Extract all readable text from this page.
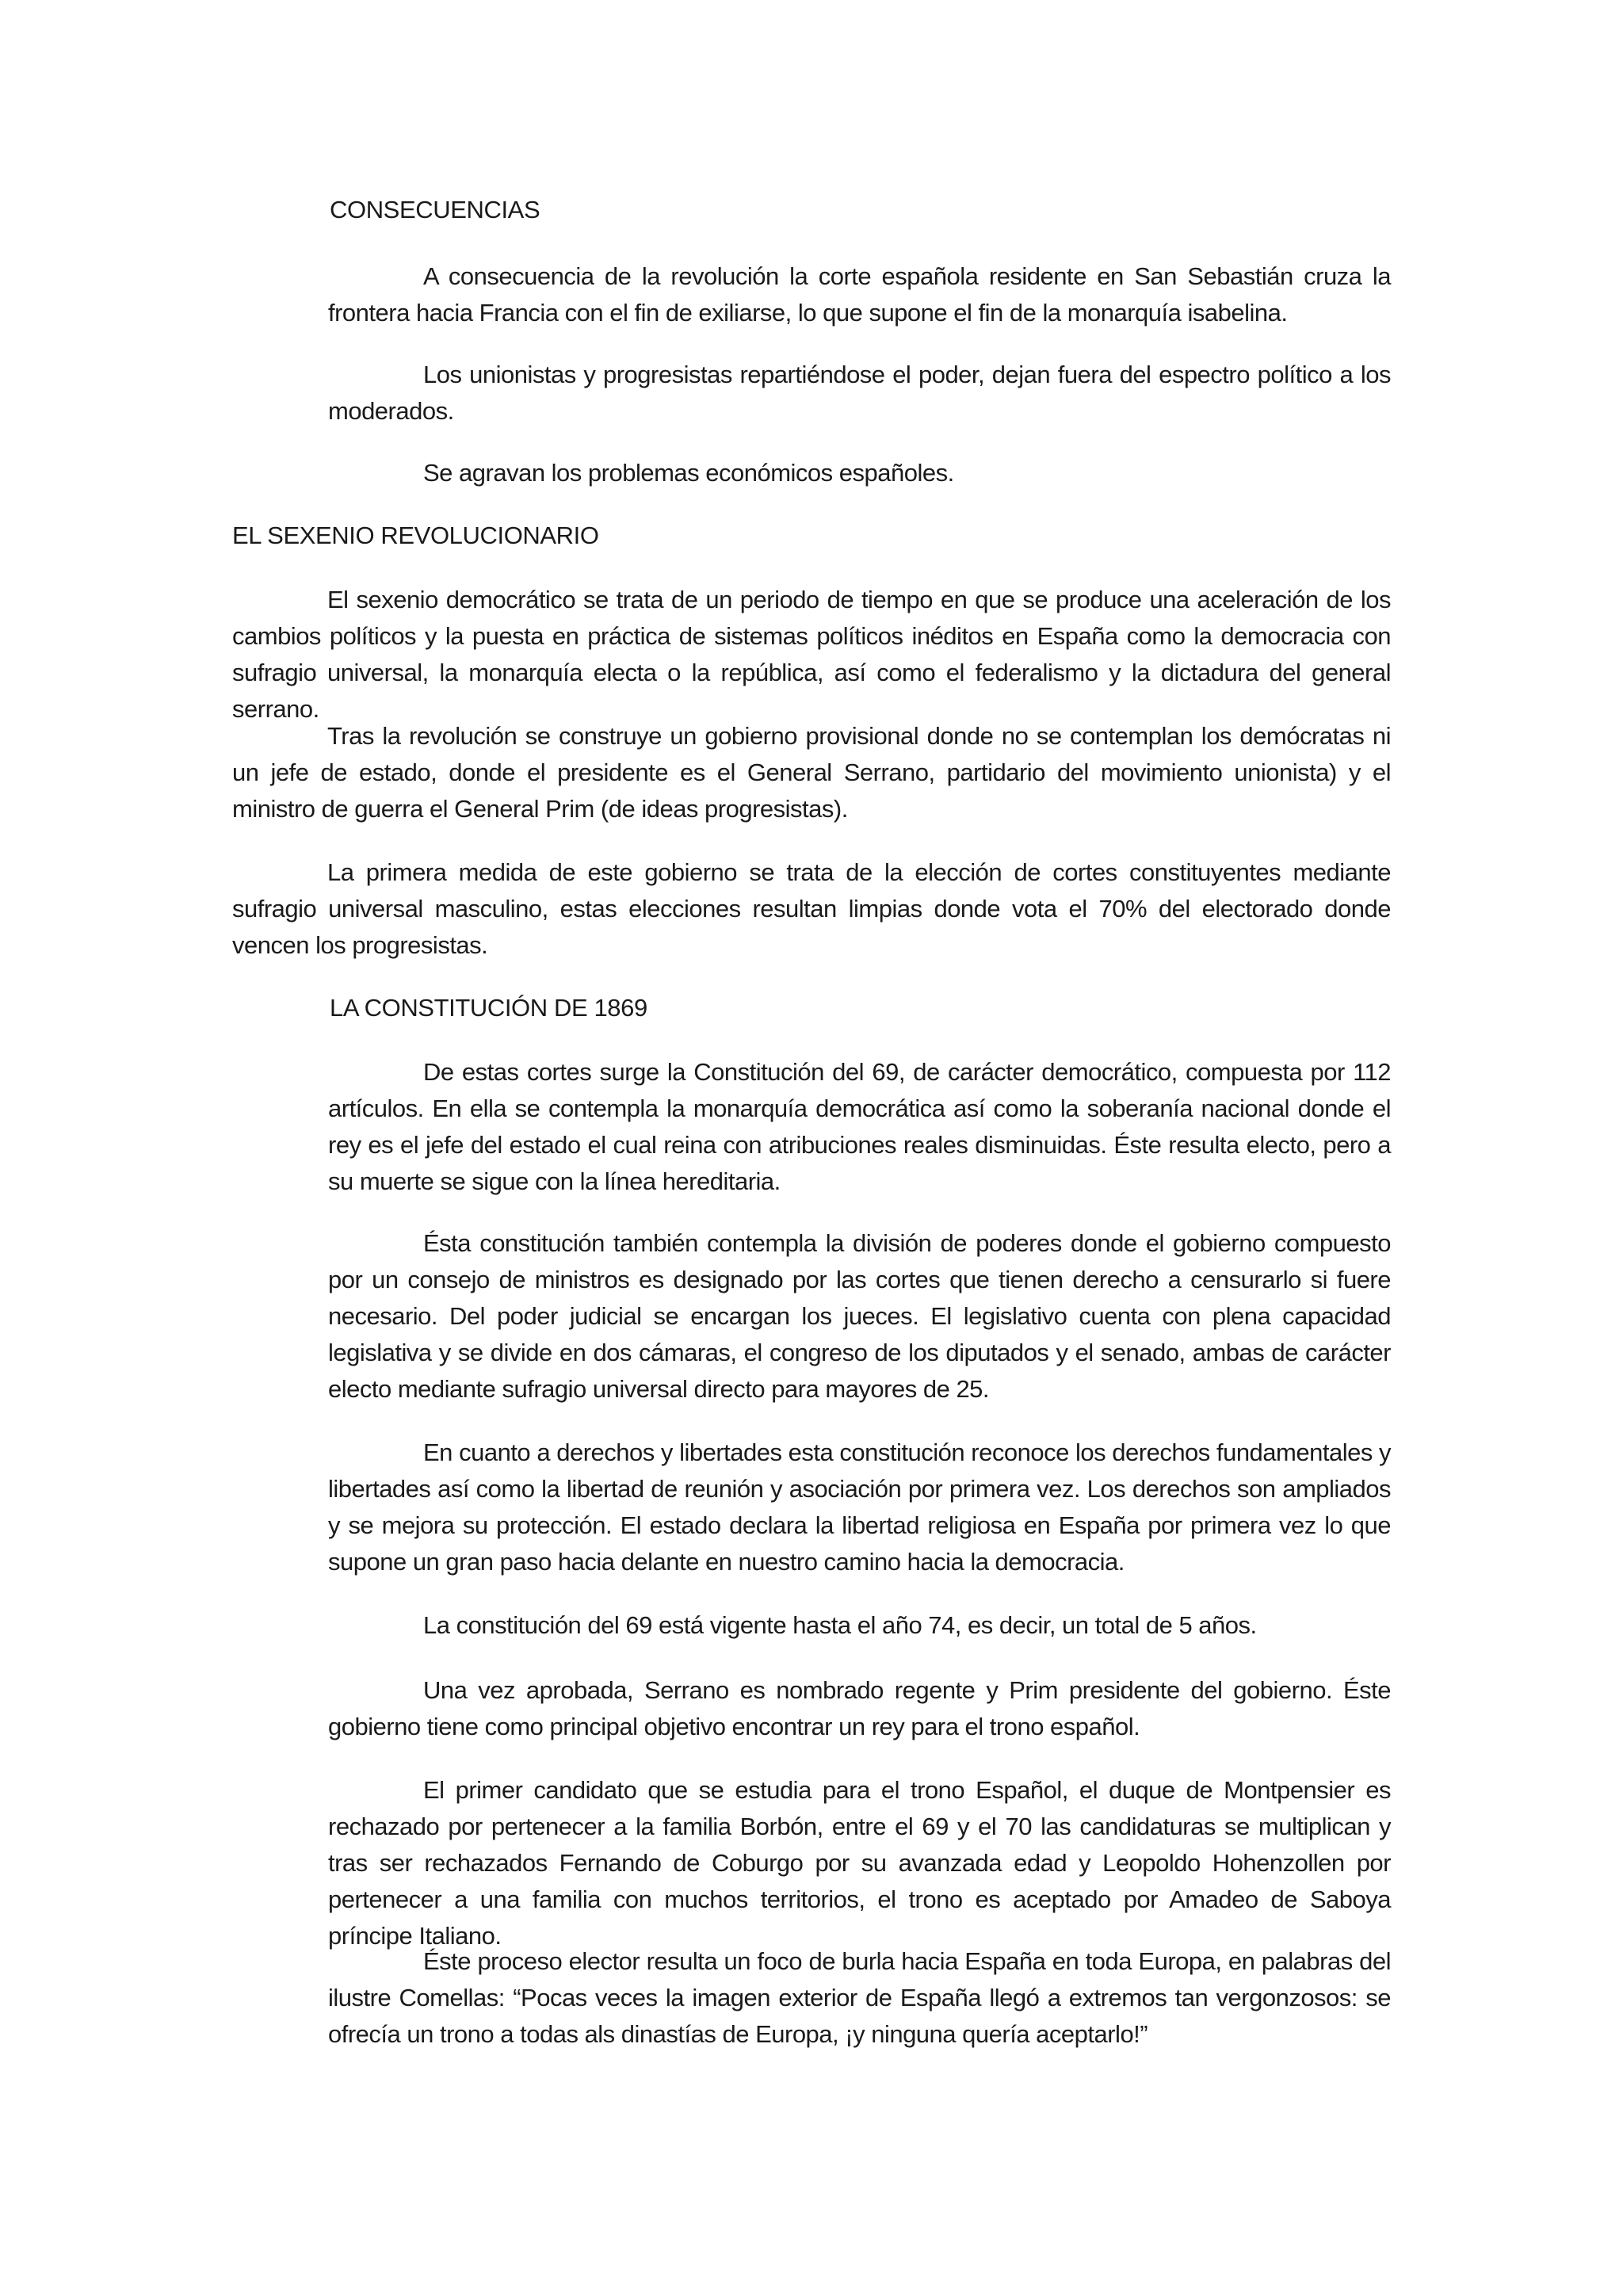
CONSECUENCIAS

A consecuencia de la revolución la corte española residente en San Sebastián cruza la frontera hacia Francia con el fin de exiliarse, lo que supone el fin de la monarquía isabelina.

Los unionistas y progresistas repartiéndose el poder, dejan fuera del espectro político a los moderados.

Se agravan los problemas económicos españoles.

EL SEXENIO REVOLUCIONARIO

El sexenio democrático se trata de un periodo de tiempo en que se produce una aceleración de los cambios políticos y la puesta en práctica de sistemas políticos inéditos en España como la democracia con sufragio universal, la monarquía electa o la república, así como el federalismo y la dictadura del general serrano.

Tras la revolución se construye un gobierno provisional donde no se contemplan los demócratas ni un jefe de estado, donde el presidente es el General Serrano, partidario del movimiento unionista) y el ministro de guerra el General Prim (de ideas progresistas).

La primera medida de este gobierno se trata de la elección de cortes constituyentes mediante sufragio universal masculino, estas elecciones resultan limpias donde vota el 70% del electorado donde vencen los progresistas.

LA CONSTITUCIÓN DE 1869

De estas cortes surge la Constitución del 69, de carácter democrático, compuesta por 112 artículos. En ella se contempla la monarquía democrática así como la soberanía nacional donde el rey es el jefe del estado el cual reina con atribuciones reales disminuidas. Éste resulta electo, pero a su muerte se sigue con la línea hereditaria.

Ésta constitución también contempla la división de poderes donde el gobierno compuesto por un consejo de ministros es designado por las cortes que tienen derecho a censurarlo si fuere necesario. Del poder judicial se encargan los jueces. El legislativo cuenta con plena capacidad legislativa y se divide en dos cámaras, el congreso de los diputados y el senado, ambas de carácter electo mediante sufragio universal directo para mayores de 25.

En cuanto a derechos y libertades esta constitución reconoce los derechos fundamentales y libertades así como la libertad de reunión y asociación por primera vez. Los derechos son ampliados y se mejora su protección. El estado declara la libertad religiosa en España por primera vez lo que supone un gran paso hacia delante en nuestro camino hacia la democracia.

La constitución del 69 está vigente hasta el año 74, es decir, un total de 5 años.

Una vez aprobada, Serrano es nombrado regente y Prim presidente del gobierno. Éste gobierno tiene como principal objetivo encontrar un rey para el trono español.

El primer candidato que se estudia para el trono Español, el duque de Montpensier es rechazado por pertenecer a la familia Borbón, entre el 69 y el 70 las candidaturas se multiplican y tras ser rechazados Fernando de Coburgo por su avanzada edad y Leopoldo Hohenzollen por pertenecer a una familia con muchos territorios, el trono es aceptado por Amadeo de Saboya príncipe Italiano.

Éste proceso elector resulta un foco de burla hacia España en toda Europa, en palabras del ilustre Comellas: “Pocas veces la imagen exterior de España llegó a extremos tan vergonzosos: se ofrecía un trono a todas als dinastías de Europa, ¡y ninguna quería aceptarlo!”
